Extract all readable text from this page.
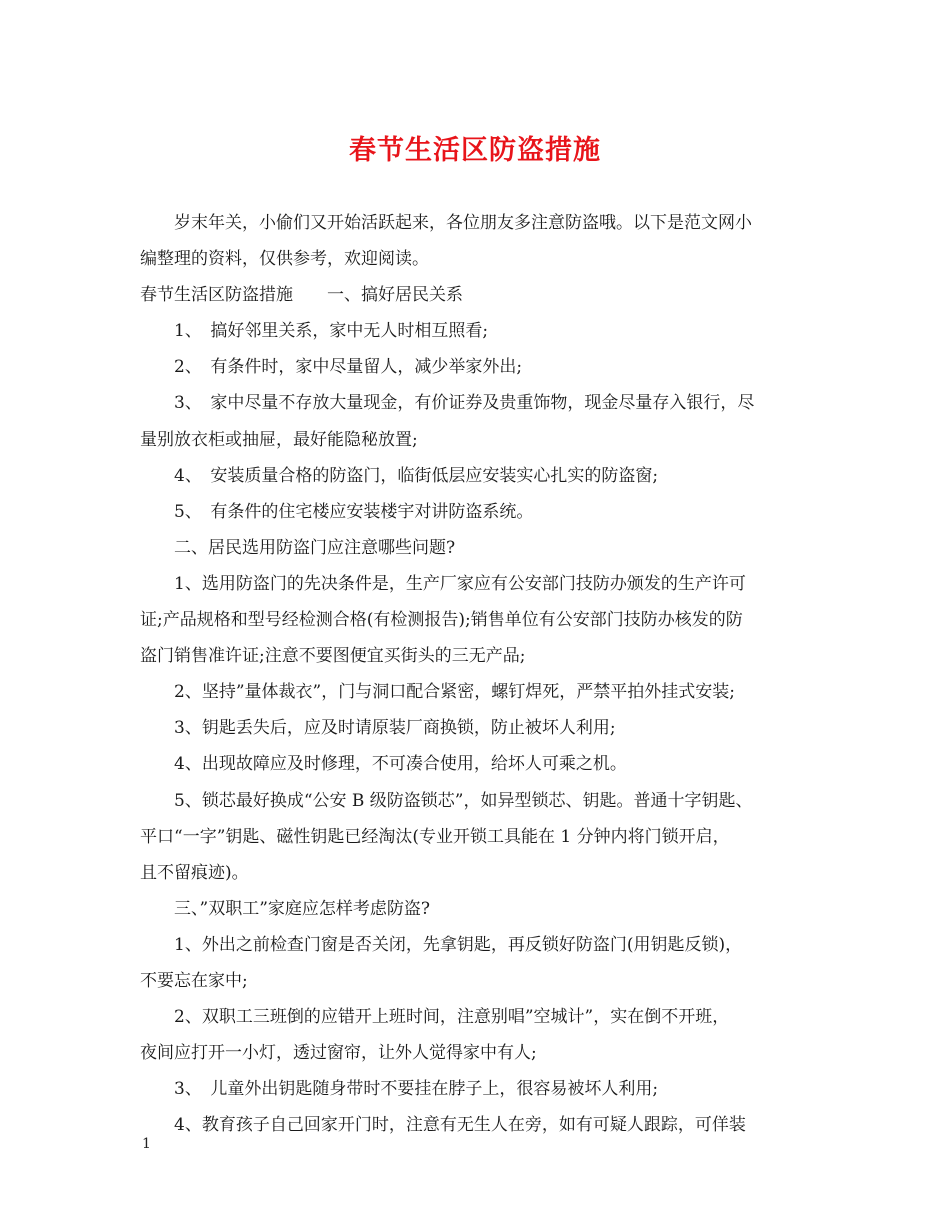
春节生活区防盗措施

岁末年关，小偷们又开始活跃起来，各位朋友多注意防盗哦。以下是范文网小

编整理的资料，仅供参考，欢迎阅读。

春节生活区防盗措施　　一、搞好居民关系

1、　搞好邻里关系，家中无人时相互照看;

2、　有条件时，家中尽量留人，减少举家外出;

3、　家中尽量不存放大量现金，有价证券及贵重饰物，现金尽量存入银行，尽

量别放衣柜或抽屉，最好能隐秘放置;

4、　安装质量合格的防盗门，临街低层应安装实心扎实的防盗窗;

5、　有条件的住宅楼应安装楼宇对讲防盗系统。

二、居民选用防盗门应注意哪些问题?

1、选用防盗门的先决条件是，生产厂家应有公安部门技防办颁发的生产许可

证;产品规格和型号经检测合格(有检测报告);销售单位有公安部门技防办核发的防

盗门销售准许证;注意不要图便宜买街头的三无产品;

2、坚持”量体裁衣”，门与洞口配合紧密，螺钉焊死，严禁平拍外挂式安装;

3、钥匙丢失后，应及时请原装厂商换锁，防止被坏人利用;

4、出现故障应及时修理，不可凑合使用，给坏人可乘之机。

5、锁芯最好换成“公安 B 级防盗锁芯”，如异型锁芯、钥匙。普通十字钥匙、

平口“一字”钥匙、磁性钥匙已经淘汰(专业开锁工具能在 1 分钟内将门锁开启，

且不留痕迹)。

三、”双职工”家庭应怎样考虑防盗?

1、外出之前检查门窗是否关闭，先拿钥匙，再反锁好防盗门(用钥匙反锁)，

不要忘在家中;

2、双职工三班倒的应错开上班时间，注意别唱”空城计”，实在倒不开班，

夜间应打开一小灯，透过窗帘，让外人觉得家中有人;

3、　儿童外出钥匙随身带时不要挂在脖子上，很容易被坏人利用;

4、教育孩子自己回家开门时，注意有无生人在旁，如有可疑人跟踪，可佯装

1
